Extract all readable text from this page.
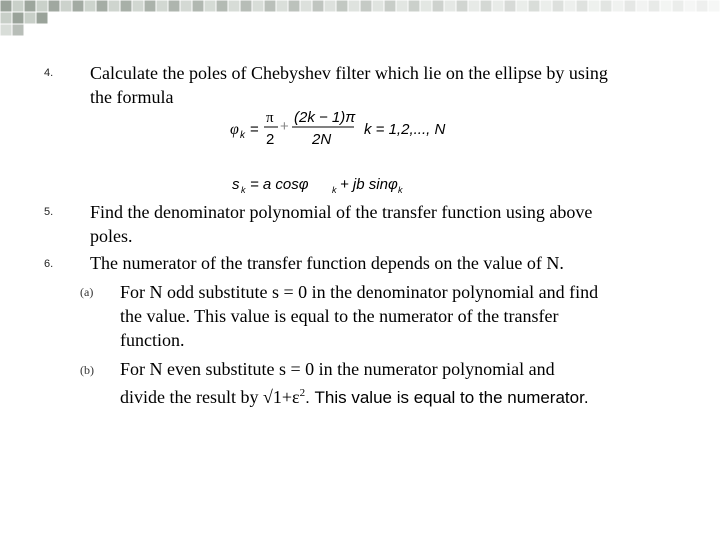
4. Calculate the poles of Chebyshev filter which lie on the ellipse by using
the formula
φ k =
π
2
+
(2k − 1)π
2N
k = 1,2,..., N
s k = a cosφ	k + jb sinφ k
5. Find the denominator polynomial of the transfer function using above
poles.
6. The numerator of the transfer function depends on the value of N.
(a) For N odd substitute s = 0 in the denominator polynomial and find
the value. This value is equal to the numerator of the transfer
function.
(b) For N even substitute s = 0 in the numerator polynomial and
divide the result by $√1+\varepsilon^2$. This value is equal to the numerator.
